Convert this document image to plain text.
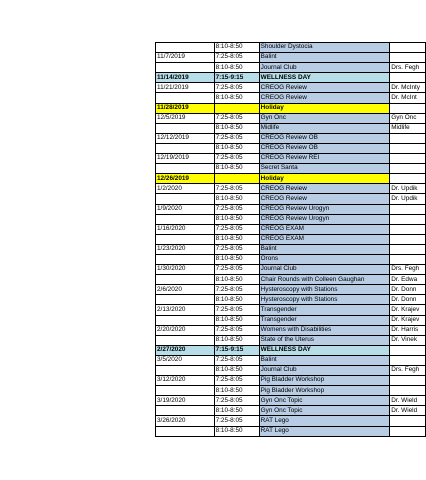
	8:10-8:50	Shoulder Dystocia	
11/7/2019	7:25-8:05	Balint	
	8:10-8:50	Journal Club	Drs. Fegh
11/14/2019	7:15-9:15	WELLNESS DAY	
11/21/2019	7:25-8:05	CREOG Review	Dr. McInty
	8:10-8:50	CREOG Review	Dr. McInt
11/28/2019		Holiday	
12/5/2019	7:25-8:05	Gyn Onc	Gyn Onc
	8:10-8:50	Midlife	Midlife
12/12/2019	7:25-8:05	CREOG Review OB	
	8:10-8:50	CREOG Review OB	
12/19/2019	7:25-8:05	CREOG Review REI	
	8:10-8:50	Secret Santa	
12/26/2019		Holiday	
1/2/2020	7:25-8:05	CREOG Review	Dr. Updik
	8:10-8:50	CREOG Review	Dr. Updik
1/9/2020	7:25-8:05	CREOG Review Urogyn	
	8:10-8:50	CREOG Review Urogyn	
1/16/2020	7:25-8:05	CREOG EXAM	
	8:10-8:50	CREOG EXAM	
1/23/2020	7:25-8:05	Balint	
	8:10-8:50	Orons	
1/30/2020	7:25-8:05	Journal Club	Drs. Fegh
	8:10-8:50	Chair Rounds with Colleen Gaughan	Dr. Edwa
2/6/2020	7:25-8:05	Hysteroscopy with Stations	Dr. Donn
	8:10-8:50	Hysteroscopy with Stations	Dr. Donn
2/13/2020	7:25-8:05	Transgender	Dr. Krajev
	8:10-8:50	Transgender	Dr. Krajev
2/20/2020	7:25-8:05	Womens with Disabilities	Dr. Harris
	8:10-8:50	State of the Uterus	Dr. Vinek
2/27/2020	7:15-9:15	WELLNESS DAY	
3/5/2020	7:25-8:05	Balint	
	8:10-8:50	Journal Club	Drs. Fegh
3/12/2020	7:25-8:05	Pig Bladder Workshop	
	8:10-8:50	Pig Bladder Workshop	
3/19/2020	7:25-8:05	Gyn Onc Topic	Dr. Wield
	8:10-8:50	Gyn Onc Topic	Dr. Wield
3/26/2020	7:25-8:05	RAT Lego	
	8:10-8:50	RAT Lego	
